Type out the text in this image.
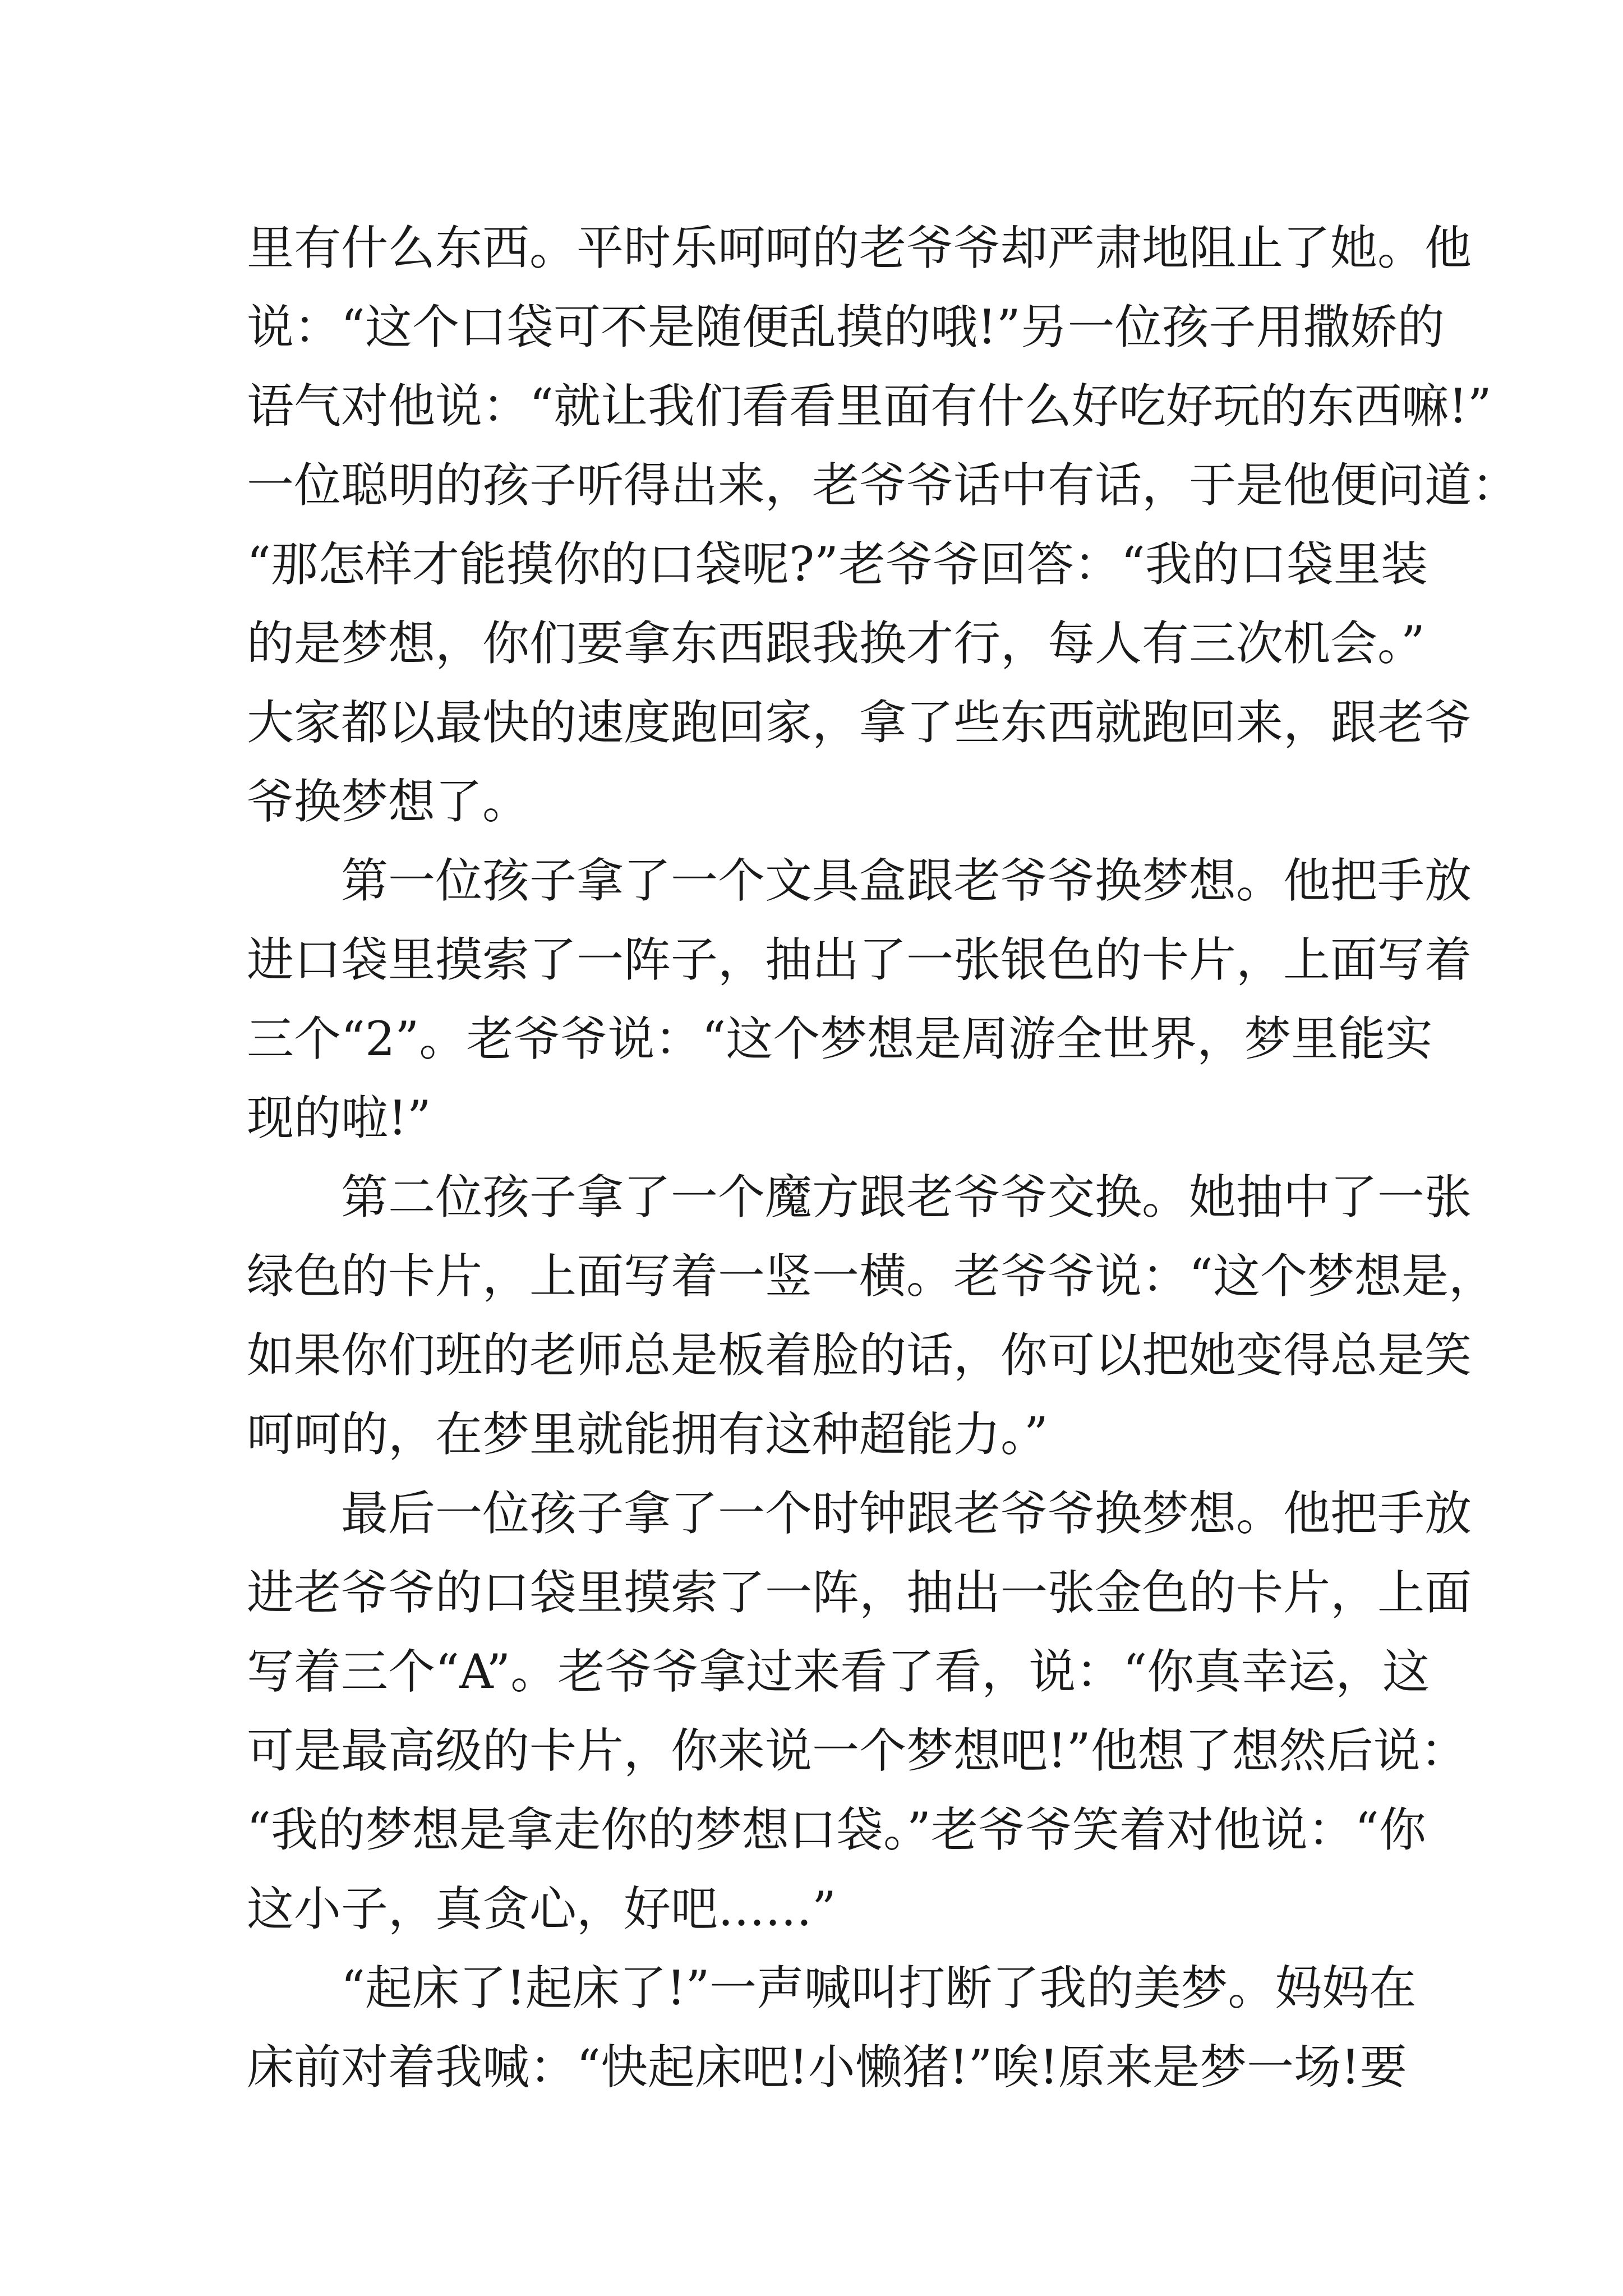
里有什么东西。平时乐呵呵的老爷爷却严肃地阻止了她。他
说：“这个口袋可不是随便乱摸的哦!”另一位孩子用撒娇的
语气对他说：“就让我们看看里面有什么好吃好玩的东西嘛!”
一位聪明的孩子听得出来，老爷爷话中有话，于是他便问道：
“那怎样才能摸你的口袋呢?”老爷爷回答：“我的口袋里装
的是梦想，你们要拿东西跟我换才行，每人有三次机会。”
大家都以最快的速度跑回家，拿了些东西就跑回来，跟老爷
爷换梦想了。
第一位孩子拿了一个文具盒跟老爷爷换梦想。他把手放
进口袋里摸索了一阵子，抽出了一张银色的卡片，上面写着
三个“2”。老爷爷说：“这个梦想是周游全世界，梦里能实
现的啦!”
第二位孩子拿了一个魔方跟老爷爷交换。她抽中了一张
绿色的卡片，上面写着一竖一横。老爷爷说：“这个梦想是，
如果你们班的老师总是板着脸的话，你可以把她变得总是笑
呵呵的，在梦里就能拥有这种超能力。”
最后一位孩子拿了一个时钟跟老爷爷换梦想。他把手放
进老爷爷的口袋里摸索了一阵，抽出一张金色的卡片，上面
写着三个“A”。老爷爷拿过来看了看，说：“你真幸运，这
可是最高级的卡片，你来说一个梦想吧!”他想了想然后说：
“我的梦想是拿走你的梦想口袋。”老爷爷笑着对他说：“你
这小子，真贪心，好吧……”
“起床了!起床了!”一声喊叫打断了我的美梦。妈妈在
床前对着我喊：“快起床吧!小懒猪!”唉!原来是梦一场!要
